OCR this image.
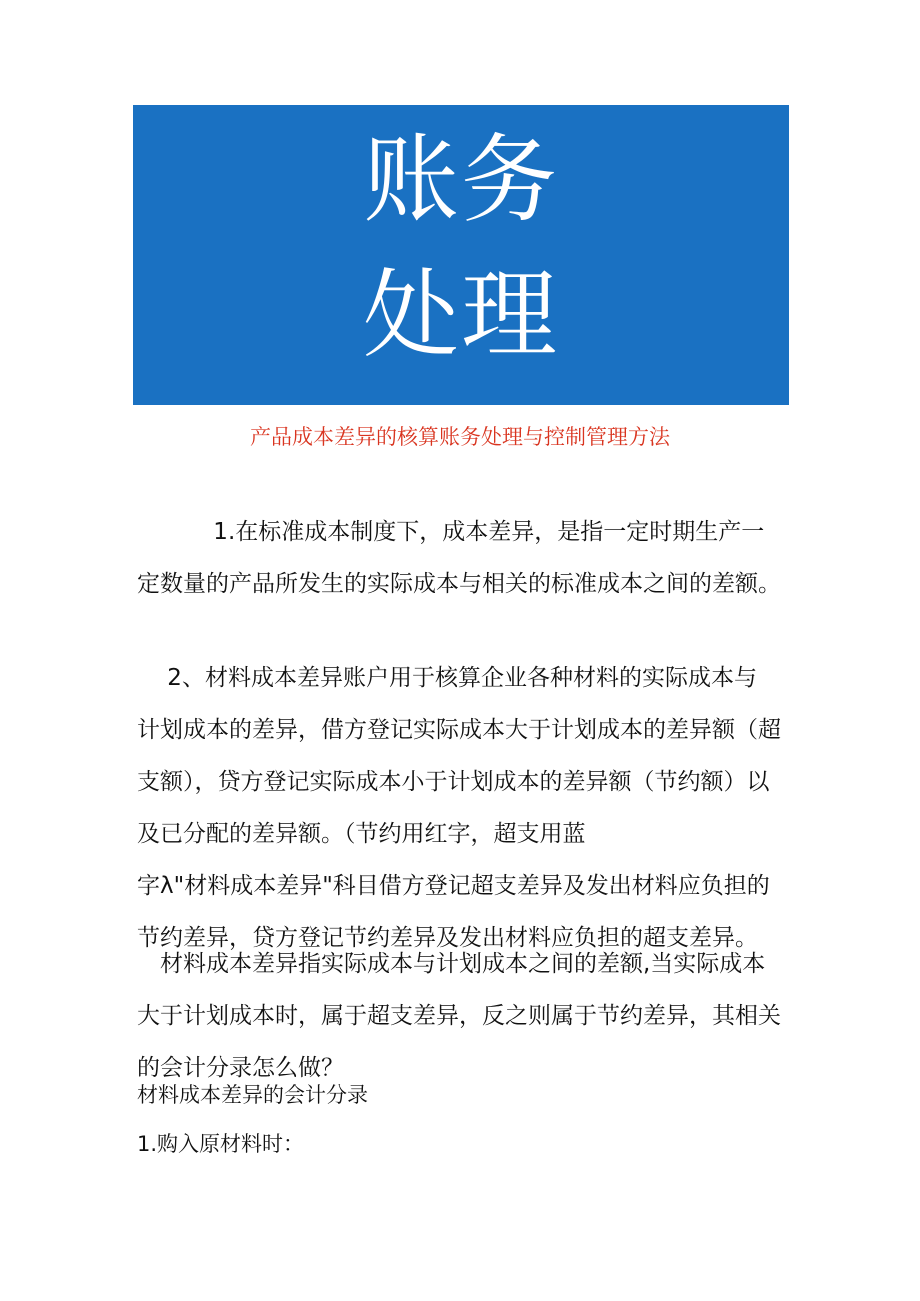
账务
处理
产品成本差异的核算账务处理与控制管理方法
　　　 1.在标准成本制度下，成本差异，是指一定时期生产一
定数量的产品所发生的实际成本与相关的标准成本之间的差额。
　 2、材料成本差异账户用于核算企业各种材料的实际成本与
计划成本的差异，借方登记实际成本大于计划成本的差异额（超
支额），贷方登记实际成本小于计划成本的差异额（节约额）以
及已分配的差异额。（节约用红字，超支用蓝
字λ"材料成本差异"科目借方登记超支差异及发出材料应负担的
节约差异，贷方登记节约差异及发出材料应负担的超支差异。
　材料成本差异指实际成本与计划成本之间的差额,当实际成本
大于计划成本时，属于超支差异，反之则属于节约差异，其相关
的会计分录怎么做？
材料成本差异的会计分录
1.购入原材料时：
